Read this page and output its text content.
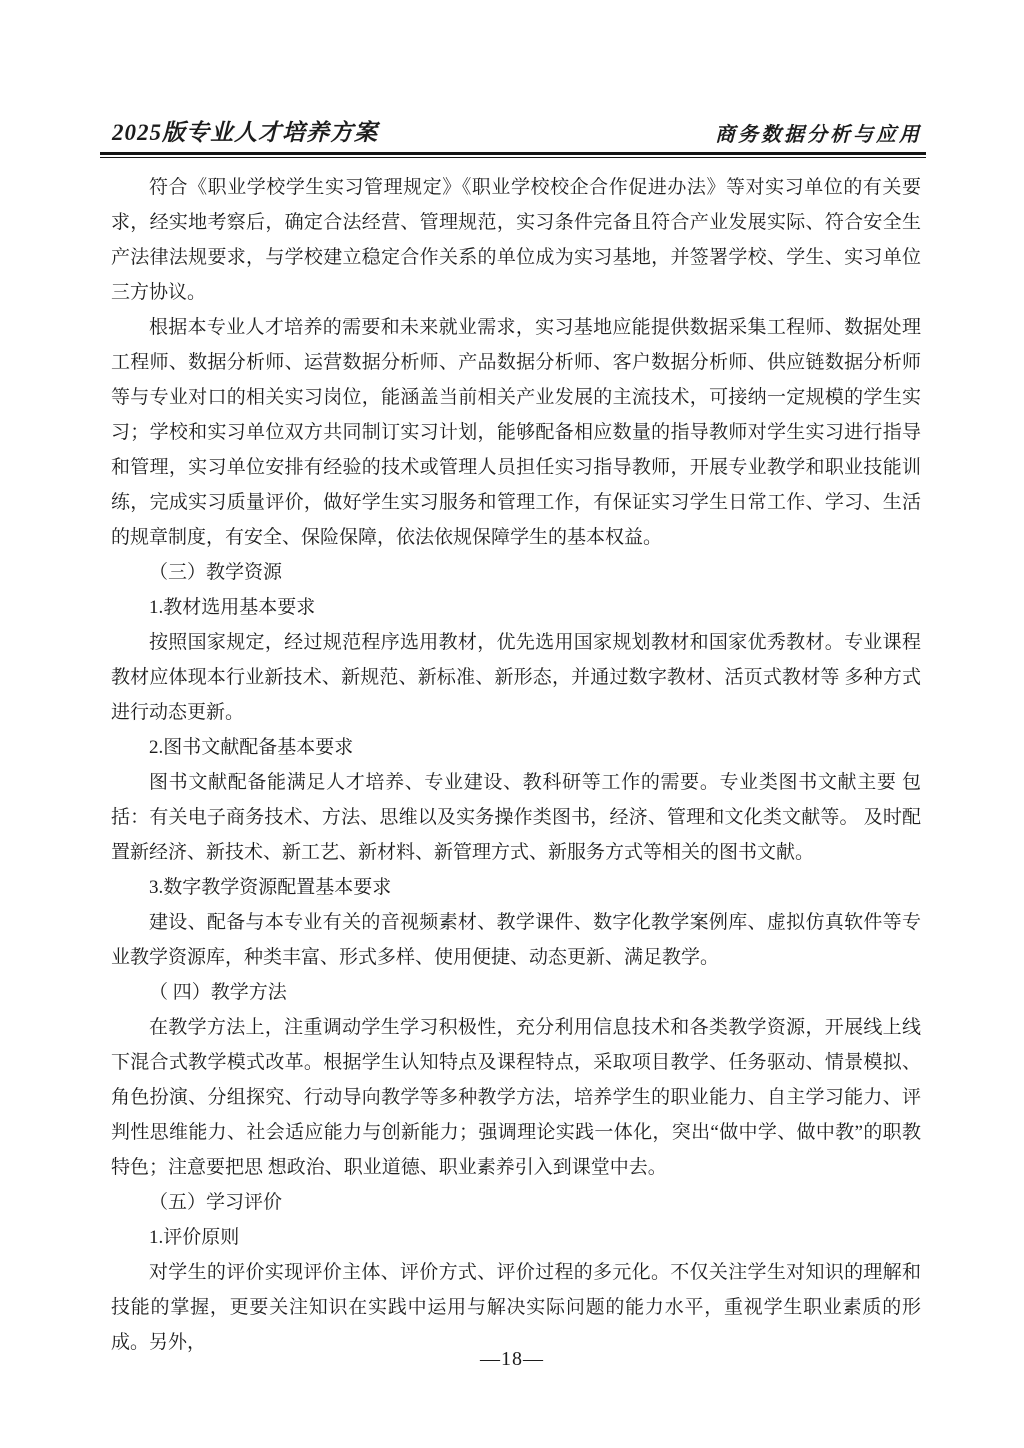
2025版专业人才培养方案	商务数据分析与应用

符合《职业学校学生实习管理规定》《职业学校校企合作促进办法》等对实习单位的有关要求，经实地考察后，确定合法经营、管理规范，实习条件完备且符合产业发展实际、符合安全生产法律法规要求，与学校建立稳定合作关系的单位成为实习基地，并签署学校、学生、实习单位三方协议。

根据本专业人才培养的需要和未来就业需求，实习基地应能提供数据采集工程师、数据处理工程师、数据分析师、运营数据分析师、产品数据分析师、客户数据分析师、供应链数据分析师等与专业对口的相关实习岗位，能涵盖当前相关产业发展的主流技术，可接纳一定规模的学生实习；学校和实习单位双方共同制订实习计划，能够配备相应数量的指导教师对学生实习进行指导和管理，实习单位安排有经验的技术或管理人员担任实习指导教师，开展专业教学和职业技能训练，完成实习质量评价，做好学生实习服务和管理工作，有保证实习学生日常工作、学习、生活的规章制度，有安全、保险保障，依法依规保障学生的基本权益。

（三）教学资源

1.教材选用基本要求

按照国家规定，经过规范程序选用教材，优先选用国家规划教材和国家优秀教材。专业课程教材应体现本行业新技术、新规范、新标准、新形态，并通过数字教材、活页式教材等 多种方式进行动态更新。

2.图书文献配备基本要求

图书文献配备能满足人才培养、专业建设、教科研等工作的需要。专业类图书文献主要 包括：有关电子商务技术、方法、思维以及实务操作类图书，经济、管理和文化类文献等。 及时配置新经济、新技术、新工艺、新材料、新管理方式、新服务方式等相关的图书文献。

3.数字教学资源配置基本要求

建设、配备与本专业有关的音视频素材、教学课件、数字化教学案例库、虚拟仿真软件等专业教学资源库，种类丰富、形式多样、使用便捷、动态更新、满足教学。

（ 四）教学方法

在教学方法上，注重调动学生学习积极性，充分利用信息技术和各类教学资源，开展线上线下混合式教学模式改革。根据学生认知特点及课程特点，采取项目教学、任务驱动、情景模拟、角色扮演、分组探究、行动导向教学等多种教学方法，培养学生的职业能力、自主学习能力、评判性思维能力、社会适应能力与创新能力；强调理论实践一体化，突出“做中学、做中教”的职教特色；注意要把思 想政治、职业道德、职业素养引入到课堂中去。

（五）学习评价

1.评价原则

对学生的评价实现评价主体、评价方式、评价过程的多元化。不仅关注学生对知识的理解和技能的掌握，更要关注知识在实践中运用与解决实际问题的能力水平，重视学生职业素质的形成。另外，

—18—
